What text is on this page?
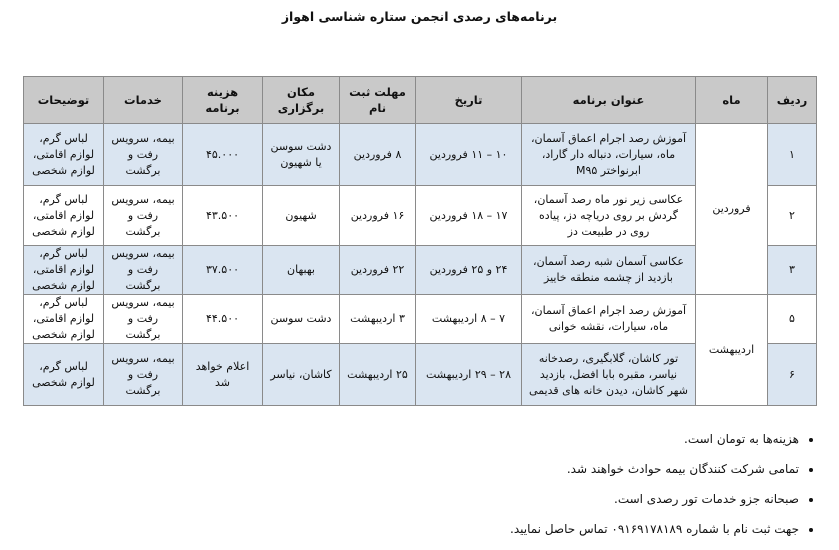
برنامه‌های رصدی انجمن ستاره شناسی اهواز
ردیف	ماه	عنوان برنامه	تاریخ	مهلت ثبت نام	مکان برگزاری	هزینه برنامه	خدمات	توضیحات
۱	فروردین	آموزش رصد اجرام اعماق آسمان، ماه، سیارات، دنباله دار گاراد، ابرنواختر M۹۵	۱۰ – ۱۱ فروردین	۸ فروردین	دشت سوسن یا شهیون	۴۵.۰۰۰	بیمه، سرویس رفت و برگشت	لباس گرم، لوازم اقامتی، لوازم شخصی
۲		عکاسی زیر نور ماه رصد آسمان، گردش بر روی دریاچه دز، پیاده روی در طبیعت دز	۱۷ – ۱۸ فروردین	۱۶ فروردین	شهیون	۴۳.۵۰۰	بیمه، سرویس رفت و برگشت	لباس گرم، لوازم اقامتی، لوازم شخصی
۳		عکاسی آسمان شبه رصد آسمان، بازدید از چشمه منطقه خاییز	۲۴ و ۲۵ فروردین	۲۲ فروردین	بهبهان	۳۷.۵۰۰	بیمه، سرویس رفت و برگشت	لباس گرم، لوازم اقامتی، لوازم شخصی
۵	اردیبهشت	آموزش رصد اجرام اعماق آسمان، ماه، سیارات، نقشه خوانی	۷ – ۸ اردیبهشت	۳ اردیبهشت	دشت سوسن	۴۴.۵۰۰	بیمه، سرویس رفت و برگشت	لباس گرم، لوازم اقامتی، لوازم شخصی
۶		تور کاشان، گلابگیری، رصدخانه نیاسر، مقبره بابا افضل، بازدید شهر کاشان، دیدن خانه های قدیمی	۲۸ – ۲۹ اردیبهشت	۲۵ اردیبهشت	کاشان، نیاسر	اعلام خواهد شد	بیمه، سرویس رفت و برگشت	لباس گرم، لوازم شخصی
• هزینه‌ها به تومان است.
• تمامی شرکت کنندگان بیمه حوادث خواهند شد.
• صبحانه جزو خدمات تور رصدی است.
• جهت ثبت نام با شماره ۰۹۱۶۹۱۷۸۱۸۹ تماس حاصل نمایید.
